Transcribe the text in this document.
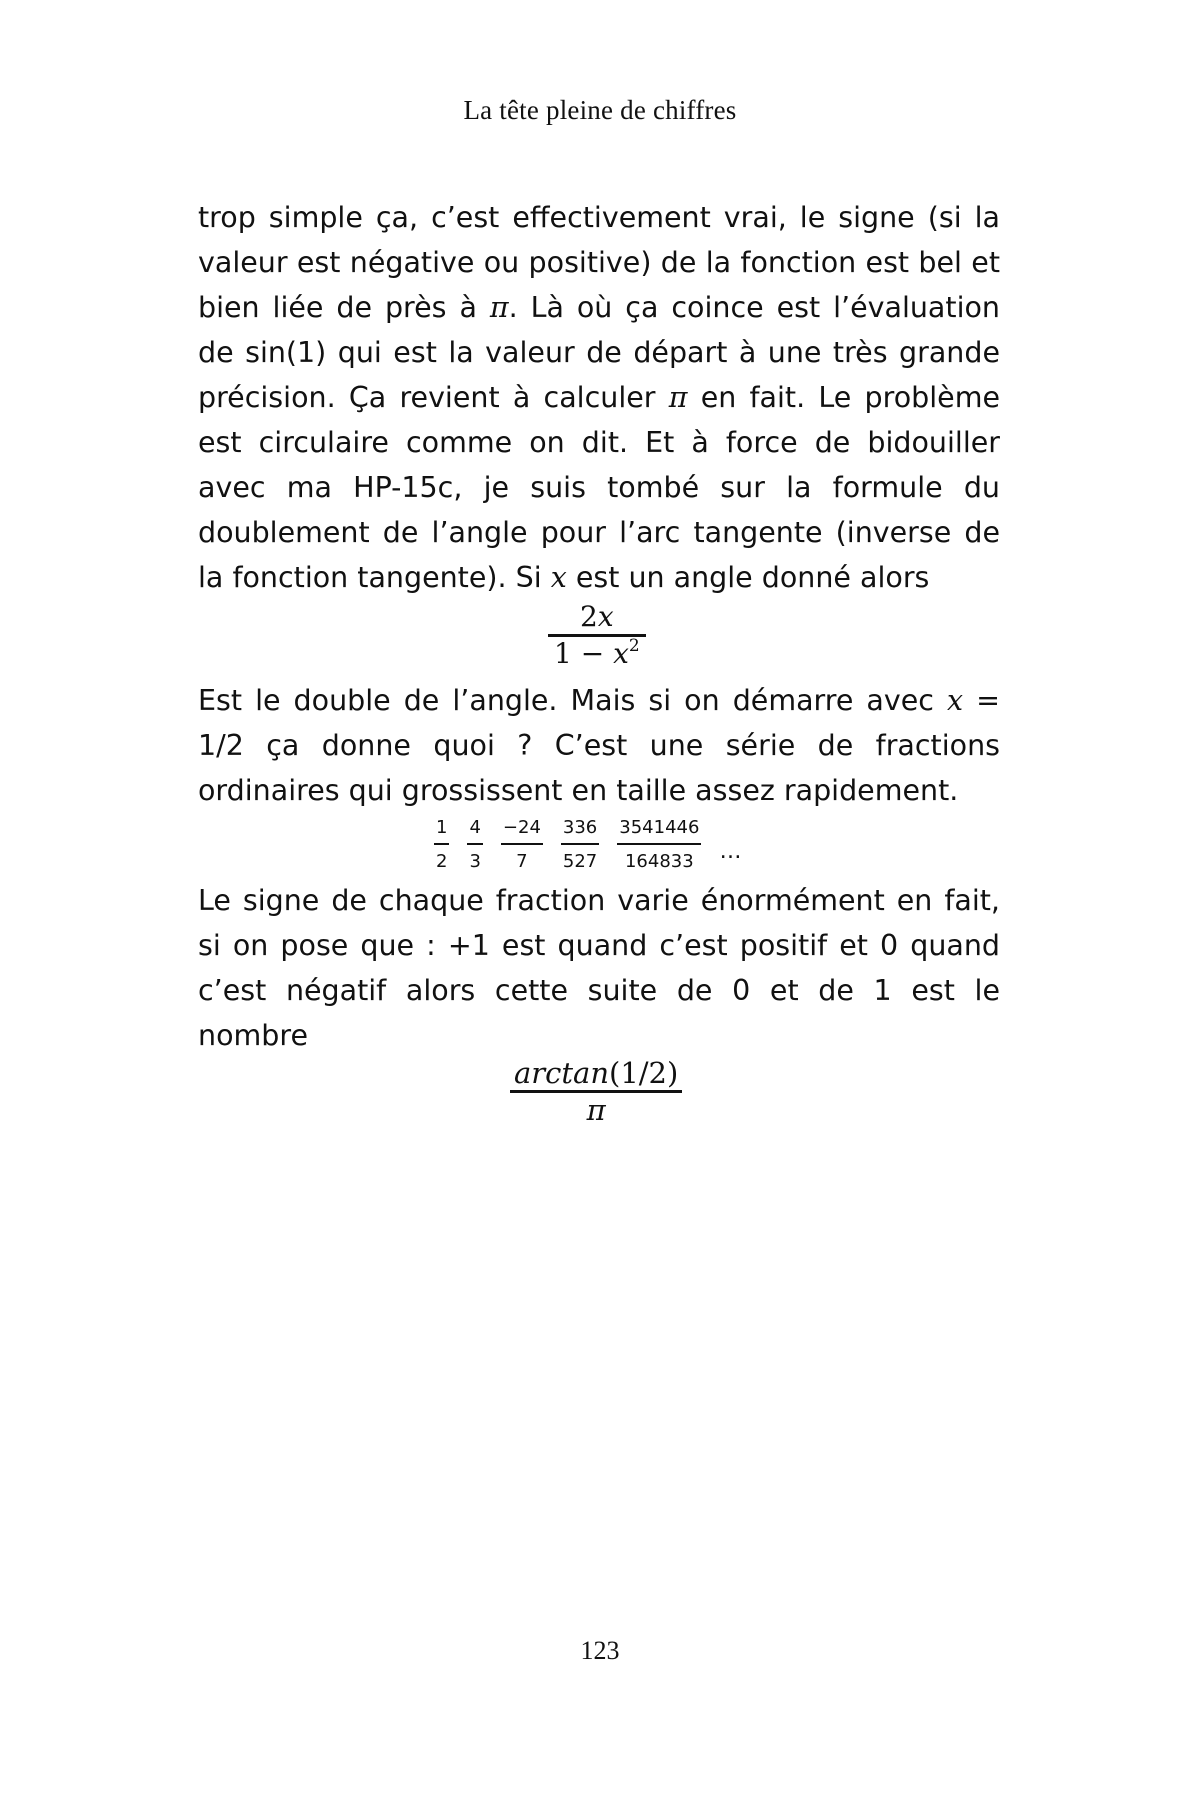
La tête pleine de chiffres

trop simple ça, c’est effectivement vrai, le signe (si la valeur est négative ou positive) de la fonction est bel et bien liée de près à π. Là où ça coince est l’évaluation de sin(1) qui est la valeur de départ à une très grande précision. Ça revient à calculer π en fait. Le problème est circulaire comme on dit. Et à force de bidouiller avec ma HP-15c, je suis tombé sur la formule du doublement de l’angle pour l’arc tangente (inverse de la fonction tangente). Si x est un angle donné alors

2x
$1 - x^2$

Est le double de l’angle. Mais si on démarre avec x = 1/2 ça donne quoi ? C’est une série de fractions ordinaires qui grossissent en taille assez rapidement.

1
2
4
3
−24
7
336
527
3541446
164833 …

Le signe de chaque fraction varie énormément en fait, si on pose que : +1 est quand c’est positif et 0 quand c’est négatif alors cette suite de 0 et de 1 est le nombre

arctan(1/2)
π
123
